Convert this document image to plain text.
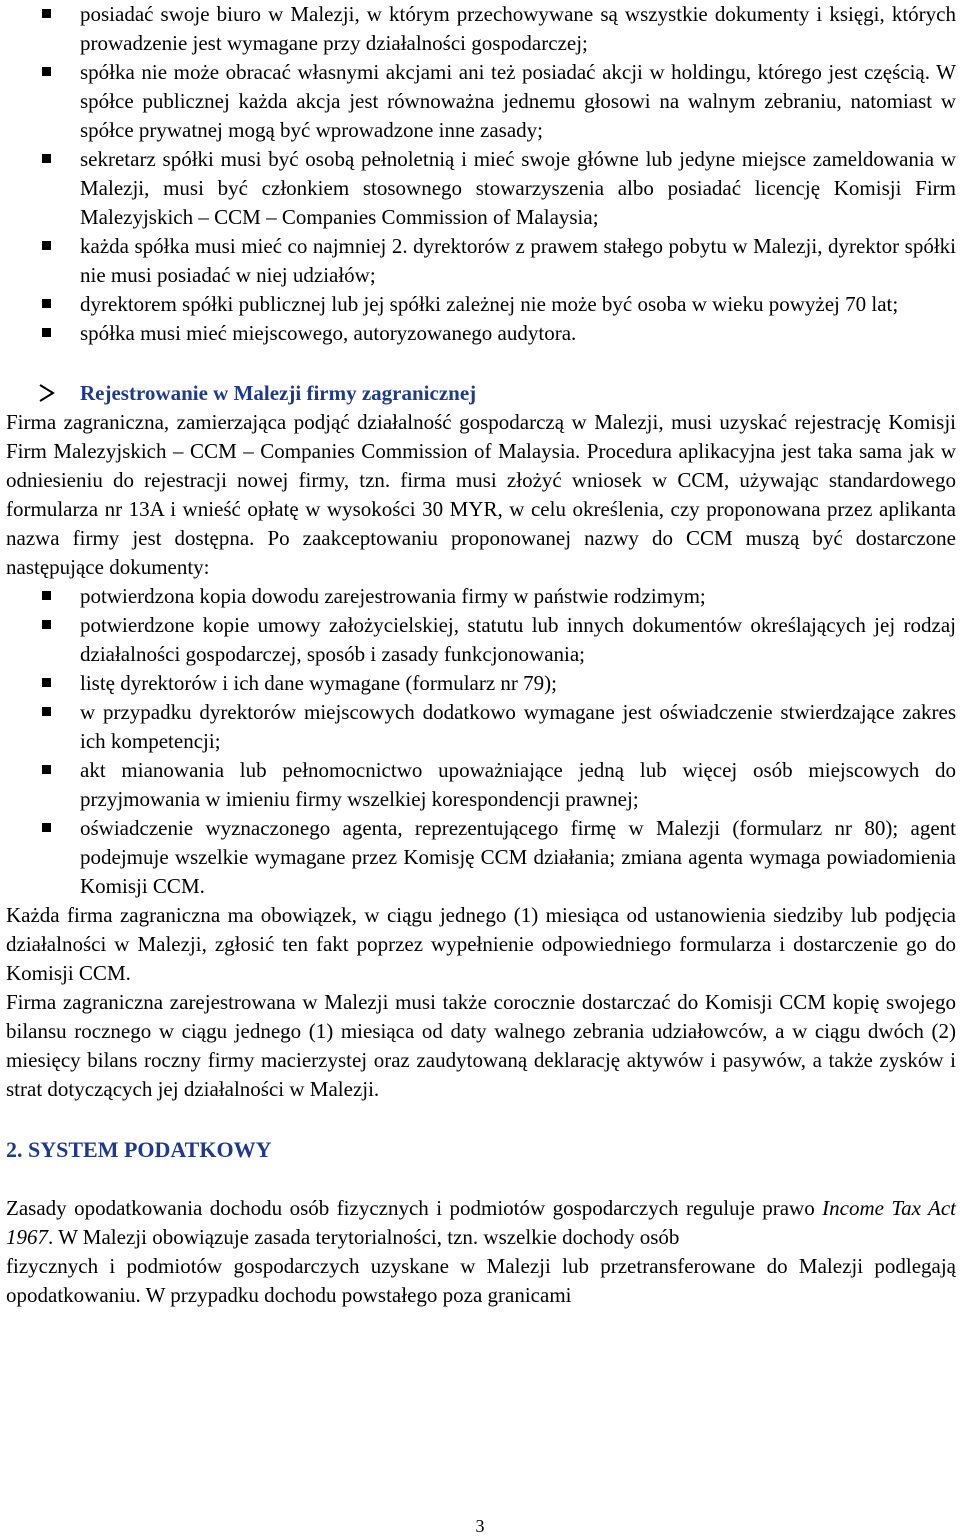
posiadać swoje biuro w Malezji, w którym przechowywane są wszystkie dokumenty i księgi, których prowadzenie jest wymagane przy działalności gospodarczej;
spółka nie może obracać własnymi akcjami ani też posiadać akcji w holdingu, którego jest częścią. W spółce publicznej każda akcja jest równoważna jednemu głosowi na walnym zebraniu, natomiast w spółce prywatnej mogą być wprowadzone inne zasady;
sekretarz spółki musi być osobą pełnoletnią i mieć swoje główne lub jedyne miejsce zameldowania w Malezji, musi być członkiem stosownego stowarzyszenia albo posiadać licencję Komisji Firm Malezyjskich – CCM – Companies Commission of Malaysia;
każda spółka musi mieć co najmniej 2. dyrektorów z prawem stałego pobytu w Malezji, dyrektor spółki nie musi posiadać w niej udziałów;
dyrektorem spółki publicznej lub jej spółki zależnej nie może być osoba w wieku powyżej 70 lat;
spółka musi mieć miejscowego, autoryzowanego audytora.
Rejestrowanie w Malezji firmy zagranicznej

Firma zagraniczna, zamierzająca podjąć działalność gospodarczą w Malezji, musi uzyskać rejestrację Komisji Firm Malezyjskich – CCM – Companies Commission of Malaysia. Procedura aplikacyjna jest taka sama jak w odniesieniu do rejestracji nowej firmy, tzn. firma musi złożyć wniosek w CCM, używając standardowego formularza nr 13A i wnieść opłatę w wysokości 30 MYR, w celu określenia, czy proponowana przez aplikanta nazwa firmy jest dostępna. Po zaakceptowaniu proponowanej nazwy do CCM muszą być dostarczone następujące dokumenty:

potwierdzona kopia dowodu zarejestrowania firmy w państwie rodzimym;
potwierdzone kopie umowy założycielskiej, statutu lub innych dokumentów określających jej rodzaj działalności gospodarczej, sposób i zasady funkcjonowania;
listę dyrektorów i ich dane wymagane (formularz nr 79);
w przypadku dyrektorów miejscowych dodatkowo wymagane jest oświadczenie stwierdzające zakres ich kompetencji;
akt mianowania lub pełnomocnictwo upoważniające jedną lub więcej osób miejscowych do przyjmowania w imieniu firmy wszelkiej korespondencji prawnej;
oświadczenie wyznaczonego agenta, reprezentującego firmę w Malezji (formularz nr 80); agent podejmuje wszelkie wymagane przez Komisję CCM działania; zmiana agenta wymaga powiadomienia Komisji CCM.

Każda firma zagraniczna ma obowiązek, w ciągu jednego (1) miesiąca od ustanowienia siedziby lub podjęcia działalności w Malezji, zgłosić ten fakt poprzez wypełnienie odpowiedniego formularza i dostarczenie go do Komisji CCM.

Firma zagraniczna zarejestrowana w Malezji musi także corocznie dostarczać do Komisji CCM kopię swojego bilansu rocznego w ciągu jednego (1) miesiąca od daty walnego zebrania udziałowców, a w ciągu dwóch (2) miesięcy bilans roczny firmy macierzystej oraz zaudytowaną deklarację aktywów i pasywów, a także zysków i strat dotyczących jej działalności w Malezji.

2. SYSTEM PODATKOWY

Zasady opodatkowania dochodu osób fizycznych i podmiotów gospodarczych reguluje prawo Income Tax Act 1967. W Malezji obowiązuje zasada terytorialności, tzn. wszelkie dochody osób

fizycznych i podmiotów gospodarczych uzyskane w Malezji lub przetransferowane do Malezji podlegają opodatkowaniu. W przypadku dochodu powstałego poza granicami

3
